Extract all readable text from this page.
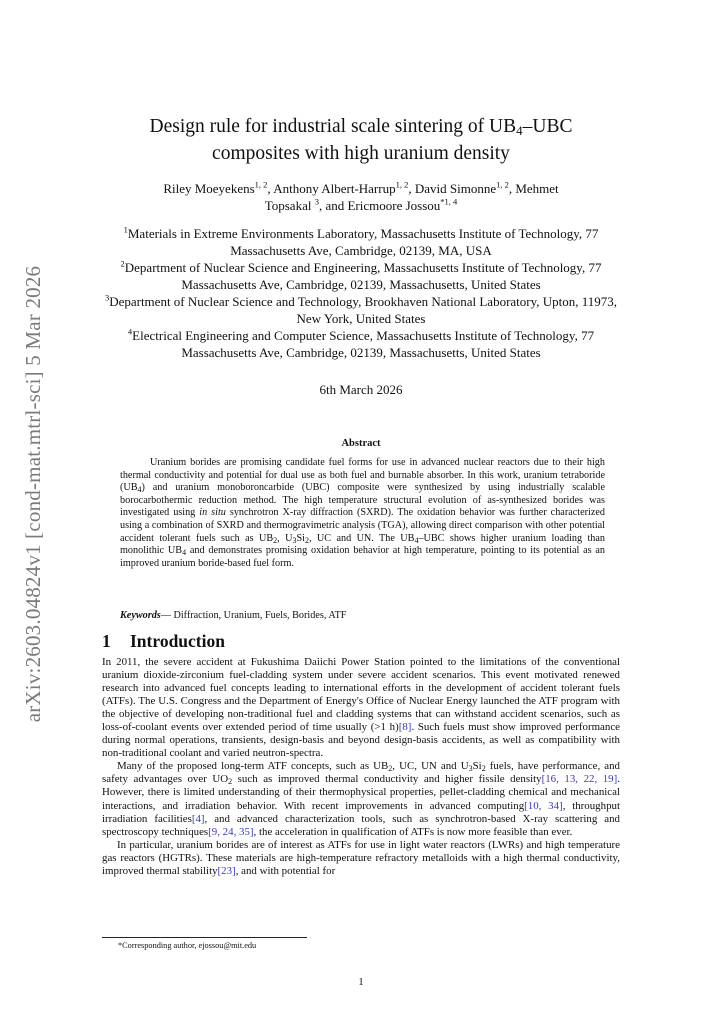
arXiv:2603.04824v1 [cond-mat.mtrl-sci] 5 Mar 2026
Design rule for industrial scale sintering of $UB_4$–UBC
composites with high uranium density
Riley Moeyekens$^{1, 2}$, Anthony Albert-Harrup$^{1, 2}$, David Simonne$^{1, 2}$, Mehmet
Topsakal $^3$, and Ericmoore Jossou$^{*1, 4}$
$^1$Materials in Extreme Environments Laboratory, Massachusetts Institute of Technology, 77 Massachusetts Ave, Cambridge, 02139, MA, USA
$^2$Department of Nuclear Science and Engineering, Massachusetts Institute of Technology, 77 Massachusetts Ave, Cambridge, 02139, Massachusetts, United States
$^3$Department of Nuclear Science and Technology, Brookhaven National Laboratory, Upton, 11973, New York, United States
$^4$Electrical Engineering and Computer Science, Massachusetts Institute of Technology, 77 Massachusetts Ave, Cambridge, 02139, Massachusetts, United States
6th March 2026
Abstract
Uranium borides are promising candidate fuel forms for use in advanced nuclear reactors due to their high thermal conductivity and potential for dual use as both fuel and burnable absorber. In this work, uranium tetraboride (UB4) and uranium monoboroncarbide (UBC) composite were synthesized by using industrially scalable borocarbothermic reduction method. The high temperature structural evolution of as-synthesized borides was investigated using in situ synchrotron X-ray diffraction (SXRD). The oxidation behavior was further characterized using a combination of SXRD and thermogravimetric analysis (TGA), allowing direct comparison with other potential accident tolerant fuels such as UB2, U3Si2, UC and UN. The UB4–UBC shows higher uranium loading than monolithic UB4 and demonstrates promising oxidation behavior at high temperature, pointing to its potential as an improved uranium boride-based fuel form.
Keywords— Diffraction, Uranium, Fuels, Borides, ATF
1 Introduction

In 2011, the severe accident at Fukushima Daiichi Power Station pointed to the limitations of the conventional uranium dioxide-zirconium fuel-cladding system under severe accident scenarios. This event motivated renewed research into advanced fuel concepts leading to international efforts in the development of accident tolerant fuels (ATFs). The U.S. Congress and the Department of Energy's Office of Nuclear Energy launched the ATF program with the objective of developing non-traditional fuel and cladding systems that can withstand accident scenarios, such as loss-of-coolant events over extended period of time usually (>1 h)[8]. Such fuels must show improved performance during normal operations, transients, design-basis and beyond design-basis accidents, as well as compatibility with non-traditional coolant and varied neutron-spectra.

Many of the proposed long-term ATF concepts, such as UB2, UC, UN and U3Si2 fuels, have performance, and safety advantages over UO2 such as improved thermal conductivity and higher fissile density[16, 13, 22, 19]. However, there is limited understanding of their thermophysical properties, pellet-cladding chemical and mechanical interactions, and irradiation behavior. With recent improvements in advanced computing[10, 34], throughput irradiation facilities[4], and advanced characterization tools, such as synchrotron-based X-ray scattering and spectroscopy techniques[9, 24, 35], the acceleration in qualification of ATFs is now more feasible than ever.

In particular, uranium borides are of interest as ATFs for use in light water reactors (LWRs) and high temperature gas reactors (HGTRs). These materials are high-temperature refractory metalloids with a high thermal conductivity, improved thermal stability[23], and with potential for

*Corresponding author, ejossou@mit.edu
1
